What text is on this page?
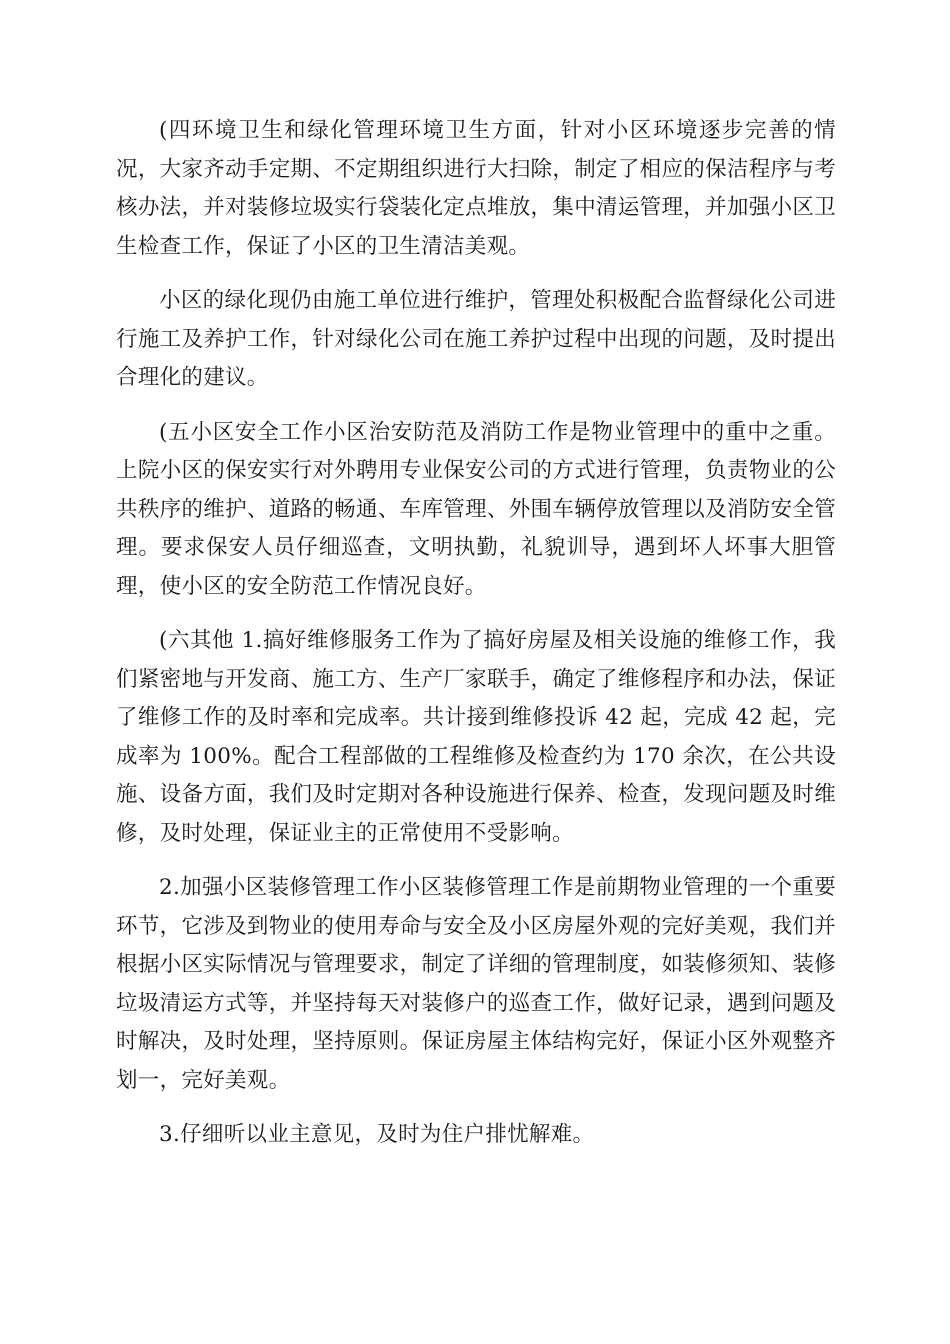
(四环境卫生和绿化管理环境卫生方面，针对小区环境逐步完善的情况，大家齐动手定期、不定期组织进行大扫除，制定了相应的保洁程序与考核办法，并对装修垃圾实行袋装化定点堆放，集中清运管理，并加强小区卫生检查工作，保证了小区的卫生清洁美观。

小区的绿化现仍由施工单位进行维护，管理处积极配合监督绿化公司进行施工及养护工作，针对绿化公司在施工养护过程中出现的问题，及时提出合理化的建议。

(五小区安全工作小区治安防范及消防工作是物业管理中的重中之重。上院小区的保安实行对外聘用专业保安公司的方式进行管理，负责物业的公共秩序的维护、道路的畅通、车库管理、外围车辆停放管理以及消防安全管理。要求保安人员仔细巡查，文明执勤，礼貌训导，遇到坏人坏事大胆管理，使小区的安全防范工作情况良好。

(六其他 1.搞好维修服务工作为了搞好房屋及相关设施的维修工作，我们紧密地与开发商、施工方、生产厂家联手，确定了维修程序和办法，保证了维修工作的及时率和完成率。共计接到维修投诉 42 起，完成 42 起，完成率为 100%。配合工程部做的工程维修及检查约为 170 余次，在公共设施、设备方面，我们及时定期对各种设施进行保养、检查，发现问题及时维修，及时处理，保证业主的正常使用不受影响。

2.加强小区装修管理工作小区装修管理工作是前期物业管理的一个重要环节，它涉及到物业的使用寿命与安全及小区房屋外观的完好美观，我们并根据小区实际情况与管理要求，制定了详细的管理制度，如装修须知、装修垃圾清运方式等，并坚持每天对装修户的巡查工作，做好记录，遇到问题及时解决，及时处理，坚持原则。保证房屋主体结构完好，保证小区外观整齐划一，完好美观。

3.仔细听以业主意见，及时为住户排忧解难。
